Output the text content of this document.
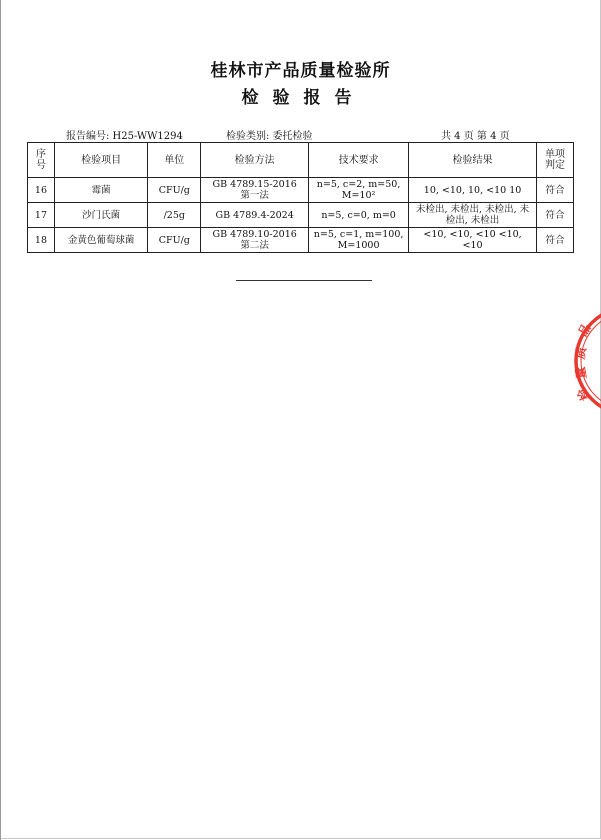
桂林市产品质量检验所
检验报告
报告编号: H25-WW1294	检验类别: 委托检验	共 4 页 第 4 页
序号	检验项目	单位	检验方法	技术要求	检验结果	单项判定
16	霉菌	CFU/g	GB 4789.15-2016 第一法	n=5, c=2, m=50, M=10²	10, <10, 10, <10 10	符合
17	沙门氏菌	/25g	GB 4789.4-2024	n=5, c=0, m=0	未检出, 未检出, 未检出, 未检出, 未检出	符合
18	金黄色葡萄球菌	CFU/g	GB 4789.10-2016 第二法	n=5, c=1, m=100, M=1000	<10, <10, <10 <10, <10	符合
品
质
量
检
